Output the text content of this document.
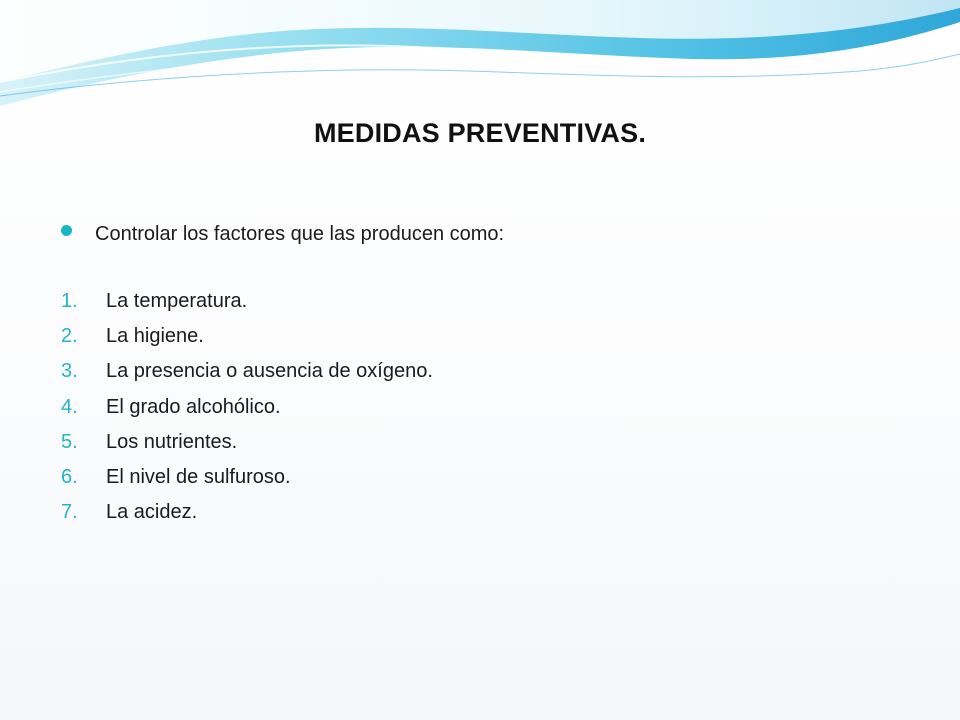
MEDIDAS PREVENTIVAS.
Controlar los factores que las producen como:
1.	La temperatura.
2.	La higiene.
3.	La presencia o ausencia de oxígeno.
4.	El grado alcohólico.
5.	Los nutrientes.
6.	El nivel de sulfuroso.
7.	La acidez.
